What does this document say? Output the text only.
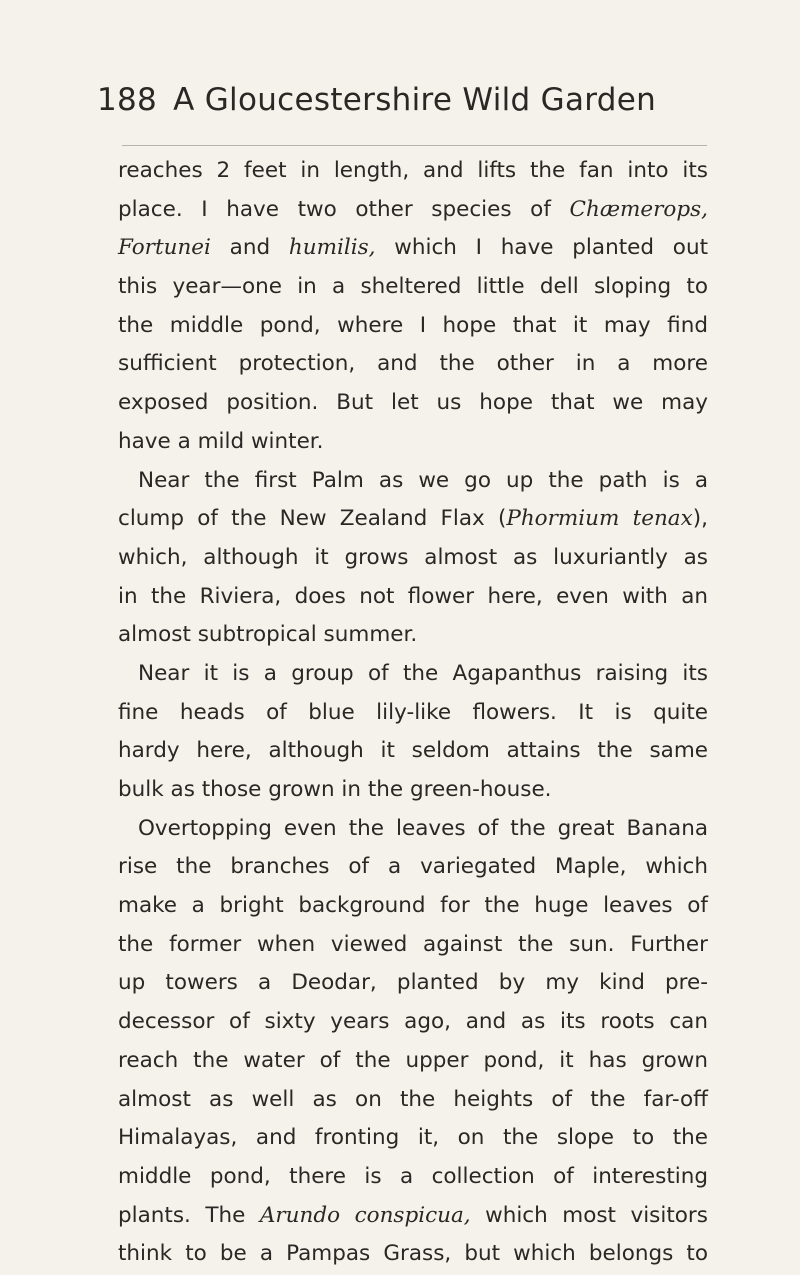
188 A Gloucestershire Wild Garden
reaches 2 feet in length, and lifts the fan into its
place. I have two other species of Chæmerops,
Fortunei and humilis, which I have planted out
this year—one in a sheltered little dell sloping to
the middle pond, where I hope that it may find
sufficient protection, and the other in a more
exposed position. But let us hope that we may
have a mild winter.
Near the first Palm as we go up the path is a
clump of the New Zealand Flax (Phormium tenax),
which, although it grows almost as luxuriantly as
in the Riviera, does not flower here, even with an
almost subtropical summer.
Near it is a group of the Agapanthus raising its
fine heads of blue lily-like flowers. It is quite
hardy here, although it seldom attains the same
bulk as those grown in the green-house.
Overtopping even the leaves of the great Banana
rise the branches of a variegated Maple, which
make a bright background for the huge leaves of
the former when viewed against the sun. Further
up towers a Deodar, planted by my kind pre-
decessor of sixty years ago, and as its roots can
reach the water of the upper pond, it has grown
almost as well as on the heights of the far-off
Himalayas, and fronting it, on the slope to the
middle pond, there is a collection of interesting
plants. The Arundo conspicua, which most visitors
think to be a Pampas Grass, but which belongs to
